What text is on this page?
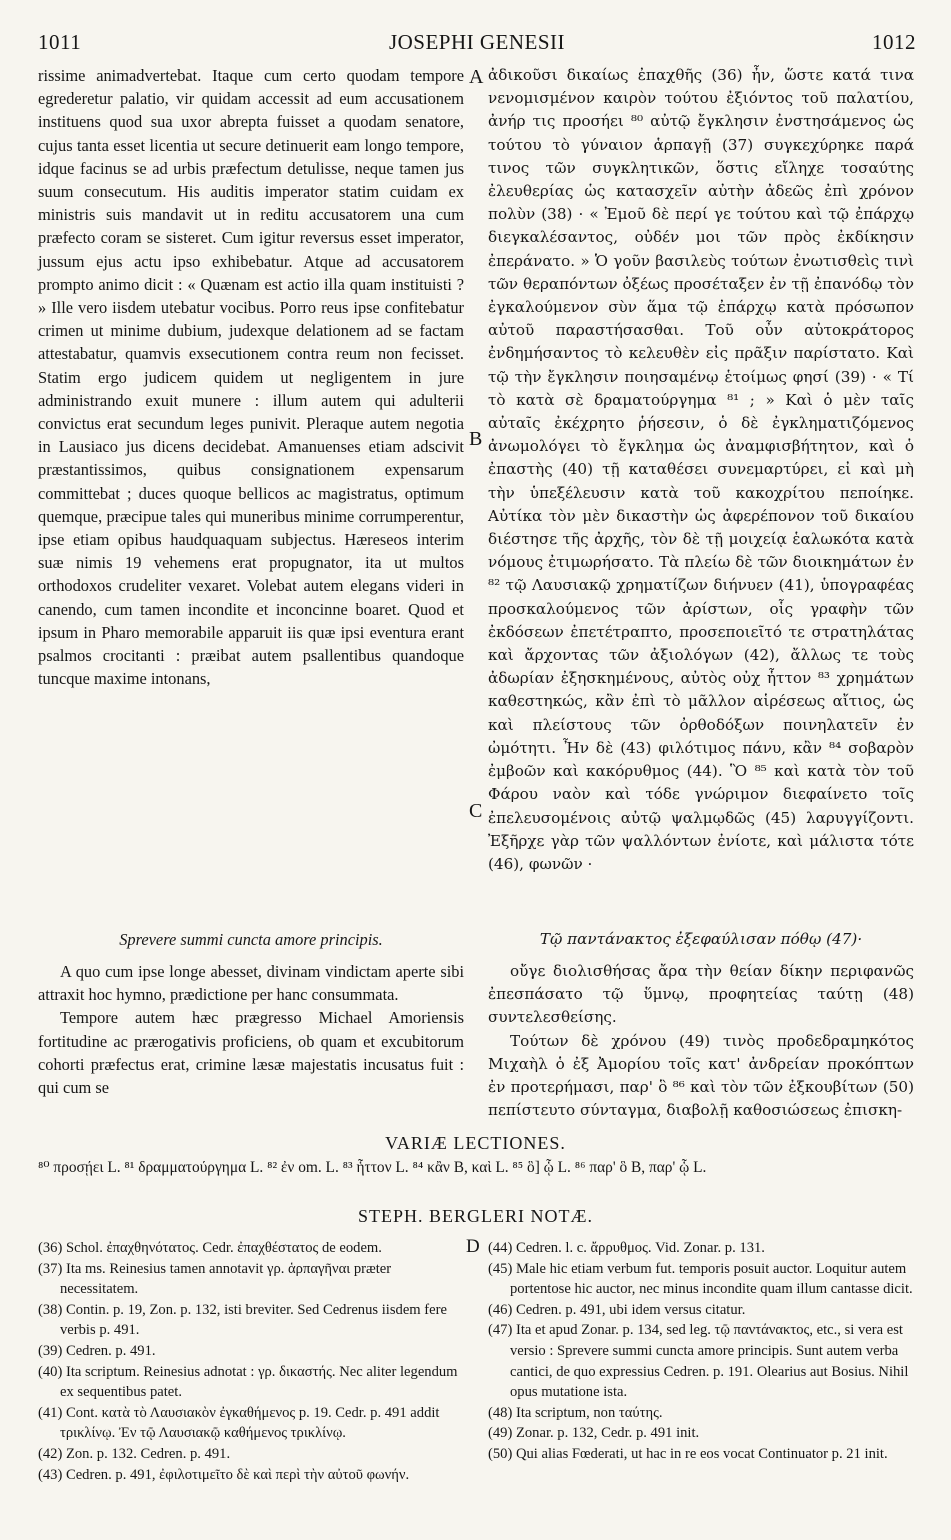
1011	JOSEPHI GENESII	1012

rissime animadvertebat. Itaque cum certo quodam tempore egrederetur palatio, vir quidam accessit ad eum accusationem instituens quod sua uxor abrepta fuisset a quodam senatore, cujus tanta esset licentia ut secure detinuerit eam longo tempore, idque facinus se ad urbis præfectum detulisse, neque tamen jus suum consecutum. His auditis imperator statim cuidam ex ministris suis mandavit ut in reditu accusatorem una cum præfecto coram se sisteret. Cum igitur reversus esset imperator, jussum ejus actu ipso exhibebatur. Atque ad accusatorem prompto animo dicit : « Quænam est actio illa quam instituisti ? » Ille vero iisdem utebatur vocibus. Porro reus ipse confitebatur crimen ut minime dubium, judexque delationem ad se factam attestabatur, quamvis exsecutionem contra reum non fecisset. Statim ergo judicem quidem ut negligentem in jure administrando exuit munere : illum autem qui adulterii convictus erat secundum leges punivit. Pleraque autem negotia in Lausiaco jus dicens decidebat. Amanuenses etiam adscivit præstantissimos, quibus consignationem expensarum committebat ; duces quoque bellicos ac magistratus, optimum quemque, præcipue tales qui muneribus minime corrumperentur, ipse etiam opibus haudquaquam subjectus. Hæreseos interim suæ nimis 19 vehemens erat propugnator, ita ut multos orthodoxos crudeliter vexaret. Volebat autem elegans videri in canendo, cum tamen incondite et inconcinne boaret. Quod et ipsum in Pharo memorabile apparuit iis quæ ipsi eventura erant psalmos crocitanti : præibat autem psallentibus quandoque tuncque maxime intonans,

A
B
C

ἀδικοῦσι δικαίως ἐπαχθῆς (36) ἦν, ὥστε κατά τινα νενομισμένον καιρὸν τούτου ἐξιόντος τοῦ παλατίου, ἀνήρ τις προσήει ⁸⁰ αὐτῷ ἔγκλησιν ἐνστησάμενος ὡς τούτου τὸ γύναιον ἁρπαγῇ (37) συγκεχύρηκε παρά τινος τῶν συγκλητικῶν, ὅστις εἴληχε τοσαύτης ἐλευθερίας ὡς κατασχεῖν αὐτὴν ἀδεῶς ἐπὶ χρόνον πολὺν (38) · « Ἐμοῦ δὲ περί γε τούτου καὶ τῷ ἐπάρχῳ διεγκαλέσαντος, οὐδέν μοι τῶν πρὸς ἐκδίκησιν ἐπεράνατο. » Ὁ γοῦν βασιλεὺς τούτων ἐνωτισθεὶς τινὶ τῶν θεραπόντων ὀξέως προσέταξεν ἐν τῇ ἐπανόδῳ τὸν ἐγκαλούμενον σὺν ἅμα τῷ ἐπάρχῳ κατὰ πρόσωπον αὐτοῦ παραστήσασθαι. Τοῦ οὖν αὐτοκράτορος ἐνδημήσαντος τὸ κελευθὲν εἰς πρᾶξιν παρίστατο. Καὶ τῷ τὴν ἔγκλησιν ποιησαμένῳ ἑτοίμως φησί (39) · « Τί τὸ κατὰ σὲ δραματούργημα ⁸¹ ; » Καὶ ὁ μὲν ταῖς αὐταῖς ἐκέχρητο ῥήσεσιν, ὁ δὲ ἐγκληματιζόμενος ἀνωμολόγει τὸ ἔγκλημα ὡς ἀναμφισβήτητον, καὶ ὁ ἐπαστὴς (40) τῇ καταθέσει συνεμαρτύρει, εἰ καὶ μὴ τὴν ὑπεξέλευσιν κατὰ τοῦ κακοχρίτου πεποίηκε. Αὐτίκα τὸν μὲν δικαστὴν ὡς ἀφερέπονον τοῦ δικαίου διέστησε τῆς ἀρχῆς, τὸν δὲ τῇ μοιχείᾳ ἑαλωκότα κατὰ νόμους ἐτιμωρήσατο. Τὰ πλείω δὲ τῶν διοικημάτων ἐν ⁸² τῷ Λαυσιακῷ χρηματίζων διήνυεν (41), ὑπογραφέας προσκαλούμενος τῶν ἀρίστων, οἷς γραφὴν τῶν ἐκδόσεων ἐπετέτραπτο, προσεποιεῖτό τε στρατηλάτας καὶ ἄρχοντας τῶν ἀξιολόγων (42), ἄλλως τε τοὺς ἀδωρίαν ἐξησκημένους, αὐτὸς οὐχ ἧττον ⁸³ χρημάτων καθεστηκώς, κἂν ἐπὶ τὸ μᾶλλον αἱρέσεως αἴτιος, ὡς καὶ πλείστους τῶν ὀρθοδόξων ποινηλατεῖν ἐν ὠμότητι. Ἦν δὲ (43) φιλότιμος πάνυ, κἂν ⁸⁴ σοβαρὸν ἐμβοῶν καὶ κακόρυθμος (44). Ὃ ⁸⁵ καὶ κατὰ τὸν τοῦ Φάρου ναὸν καὶ τόδε γνώριμον διεφαίνετο τοῖς ἐπελευσομένοις αὐτῷ ψαλμῳδῶς (45) λαρυγγίζοντι. Ἐξῆρχε γὰρ τῶν ψαλλόντων ἐνίοτε, καὶ μάλιστα τότε (46), φωνῶν ·

Sprevere summi cuncta amore principis.	Τῷ παντάνακτος ἐξεφαύλισαν πόθῳ (47)·

A quo cum ipse longe abesset, divinam vindictam aperte sibi attraxit hoc hymno, prædictione per hanc consummata.

Tempore autem hæc prægresso Michael Amoriensis fortitudine ac prærogativis proficiens, ob quam et excubitorum cohorti præfectus erat, crimine læsæ majestatis incusatus fuit : qui cum se

οὔγε διολισθήσας ἄρα τὴν θείαν δίκην περιφανῶς ἐπεσπάσατο τῷ ὕμνῳ, προφητείας ταύτῃ (48) συντελεσθείσης.

Τούτων δὲ χρόνου (49) τινὸς προδεδραμηκότος Μιχαὴλ ὁ ἐξ Ἀμορίου τοῖς κατ' ἀνδρείαν προκόπτων ἐν προτερήμασι, παρ' ὃ ⁸⁶ καὶ τὸν τῶν ἐξκουβίτων (50) πεπίστευτο σύνταγμα, διαβολῇ καθοσιώσεως ἐπισκη-

VARIÆ LECTIONES.
⁸⁰ προσῄει L. ⁸¹ δραμματούργημα L. ⁸² ἐν om. L. ⁸³ ἧττον L. ⁸⁴ κἂν B, καὶ L. ⁸⁵ ὃ] ᾧ L. ⁸⁶ παρ' ὃ B, παρ' ᾧ L.
STEPH. BERGLERI NOTÆ.
D

(36) Schol. ἐπαχθηνότατος. Cedr. ἐπαχθέστατος de eodem.

(37) Ita ms. Reinesius tamen annotavit γρ. ἁρπαγῆναι præter necessitatem.

(38) Contin. p. 19, Zon. p. 132, isti breviter. Sed Cedrenus iisdem fere verbis p. 491.

(39) Cedren. p. 491.

(40) Ita scriptum. Reinesius adnotat : γρ. δικαστής. Nec aliter legendum ex sequentibus patet.

(41) Cont. κατὰ τὸ Λαυσιακὸν ἐγκαθήμενος p. 19. Cedr. p. 491 addit τρικλίνῳ. Ἐν τῷ Λαυσιακῷ καθήμενος τρικλίνῳ.

(42) Zon. p. 132. Cedren. p. 491.

(43) Cedren. p. 491, ἐφιλοτιμεῖτο δὲ καὶ περὶ τὴν αὐτοῦ φωνήν.

(44) Cedren. l. c. ἄρρυθμος. Vid. Zonar. p. 131.

(45) Male hic etiam verbum fut. temporis posuit auctor. Loquitur autem portentose hic auctor, nec minus incondite quam illum cantasse dicit.

(46) Cedren. p. 491, ubi idem versus citatur.

(47) Ita et apud Zonar. p. 134, sed leg. τῷ παντάνακτος, etc., si vera est versio : Sprevere summi cuncta amore principis. Sunt autem verba cantici, de quo expressius Cedren. p. 191. Olearius aut Bosius. Nihil opus mutatione ista.

(48) Ita scriptum, non ταύτης.

(49) Zonar. p. 132, Cedr. p. 491 init.

(50) Qui alias Fœderati, ut hac in re eos vocat Continuator p. 21 init.
